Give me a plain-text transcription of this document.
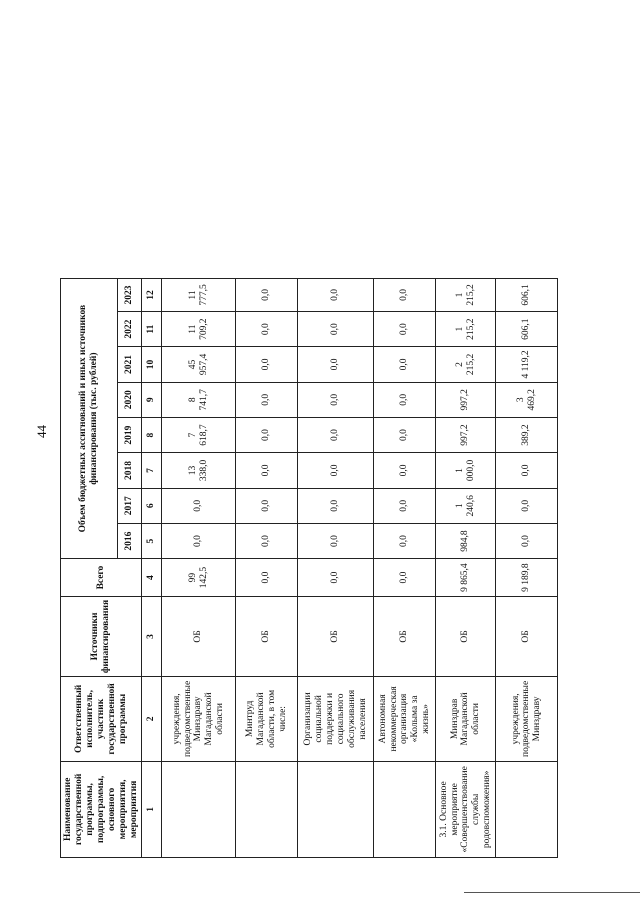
44
Наименование государственной программы, подпрограммы, основного мероприятия, мероприятия	Ответственный исполнитель, участник государственной программы	Источники финансирования	Всего	Объем бюджетных ассигнований и иных источников финансирования (тыс. рублей)							
				2016	2017	2018	2019	2020	2021	2022	2023
1	2	3	4	5	6	7	8	9	10	11	12
	учреждения, подведомственные Минздраву Магаданской области	ОБ	99 142,5	0,0	0,0	13 338,0	7 618,7	8 741,7	45 957,4	11 709,2	11 777,5
	Минтруд Магаданской области, в том числе:	ОБ	0,0	0,0	0,0	0,0	0,0	0,0	0,0	0,0	0,0
	Организации социальной поддержки и социального обслуживания населения	ОБ	0,0	0,0	0,0	0,0	0,0	0,0	0,0	0,0	0,0
	Автономная некоммерческая организация «Колыма за жизнь»	ОБ	0,0	0,0	0,0	0,0	0,0	0,0	0,0	0,0	0,0
3.1. Основное мероприятие «Совершенствование службы родовспоможения»	Минздрав Магаданской области	ОБ	9 865,4	984,8	1 240,6	1 000,0	997,2	997,2	2 215,2	1 215,2	1 215,2
	учреждения, подведомственные Минздраву	ОБ	9 189,8	0,0	0,0	0,0	389,2	3 469,2	4 119,2	606,1	606,1
